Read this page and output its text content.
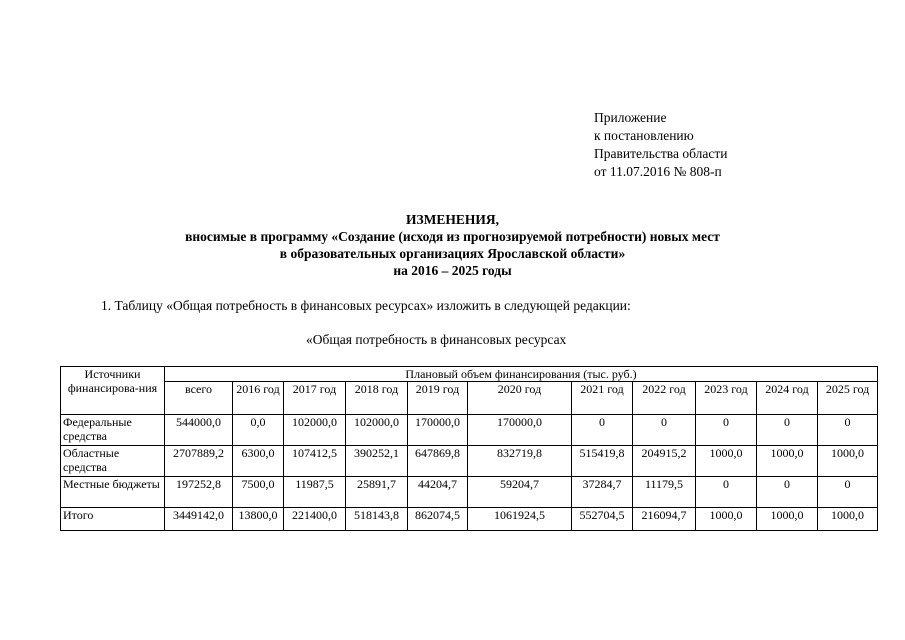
Приложение
к постановлению
Правительства области
от 11.07.2016 № 808-п
ИЗМЕНЕНИЯ,
вносимые в программу «Создание (исходя из прогнозируемой потребности) новых мест
в образовательных организациях Ярославской области»
на 2016 – 2025 годы
1. Таблицу «Общая потребность в финансовых ресурсах» изложить в следующей редакции:
«Общая потребность в финансовых ресурсах
Источники финансирова-ния	Плановый объем финансирования (тыс. руб.)										
	всего	2016 год	2017 год	2018 год	2019 год	2020 год	2021 год	2022 год	2023 год	2024 год	2025 год
Федеральные средства	544000,0	0,0	102000,0	102000,0	170000,0	170000,0	0	0	0	0	0
Областные средства	2707889,2	6300,0	107412,5	390252,1	647869,8	832719,8	515419,8	204915,2	1000,0	1000,0	1000,0
Местные бюджеты	197252,8	7500,0	11987,5	25891,7	44204,7	59204,7	37284,7	11179,5	0	0	0
Итого	3449142,0	13800,0	221400,0	518143,8	862074,5	1061924,5	552704,5	216094,7	1000,0	1000,0	1000,0
